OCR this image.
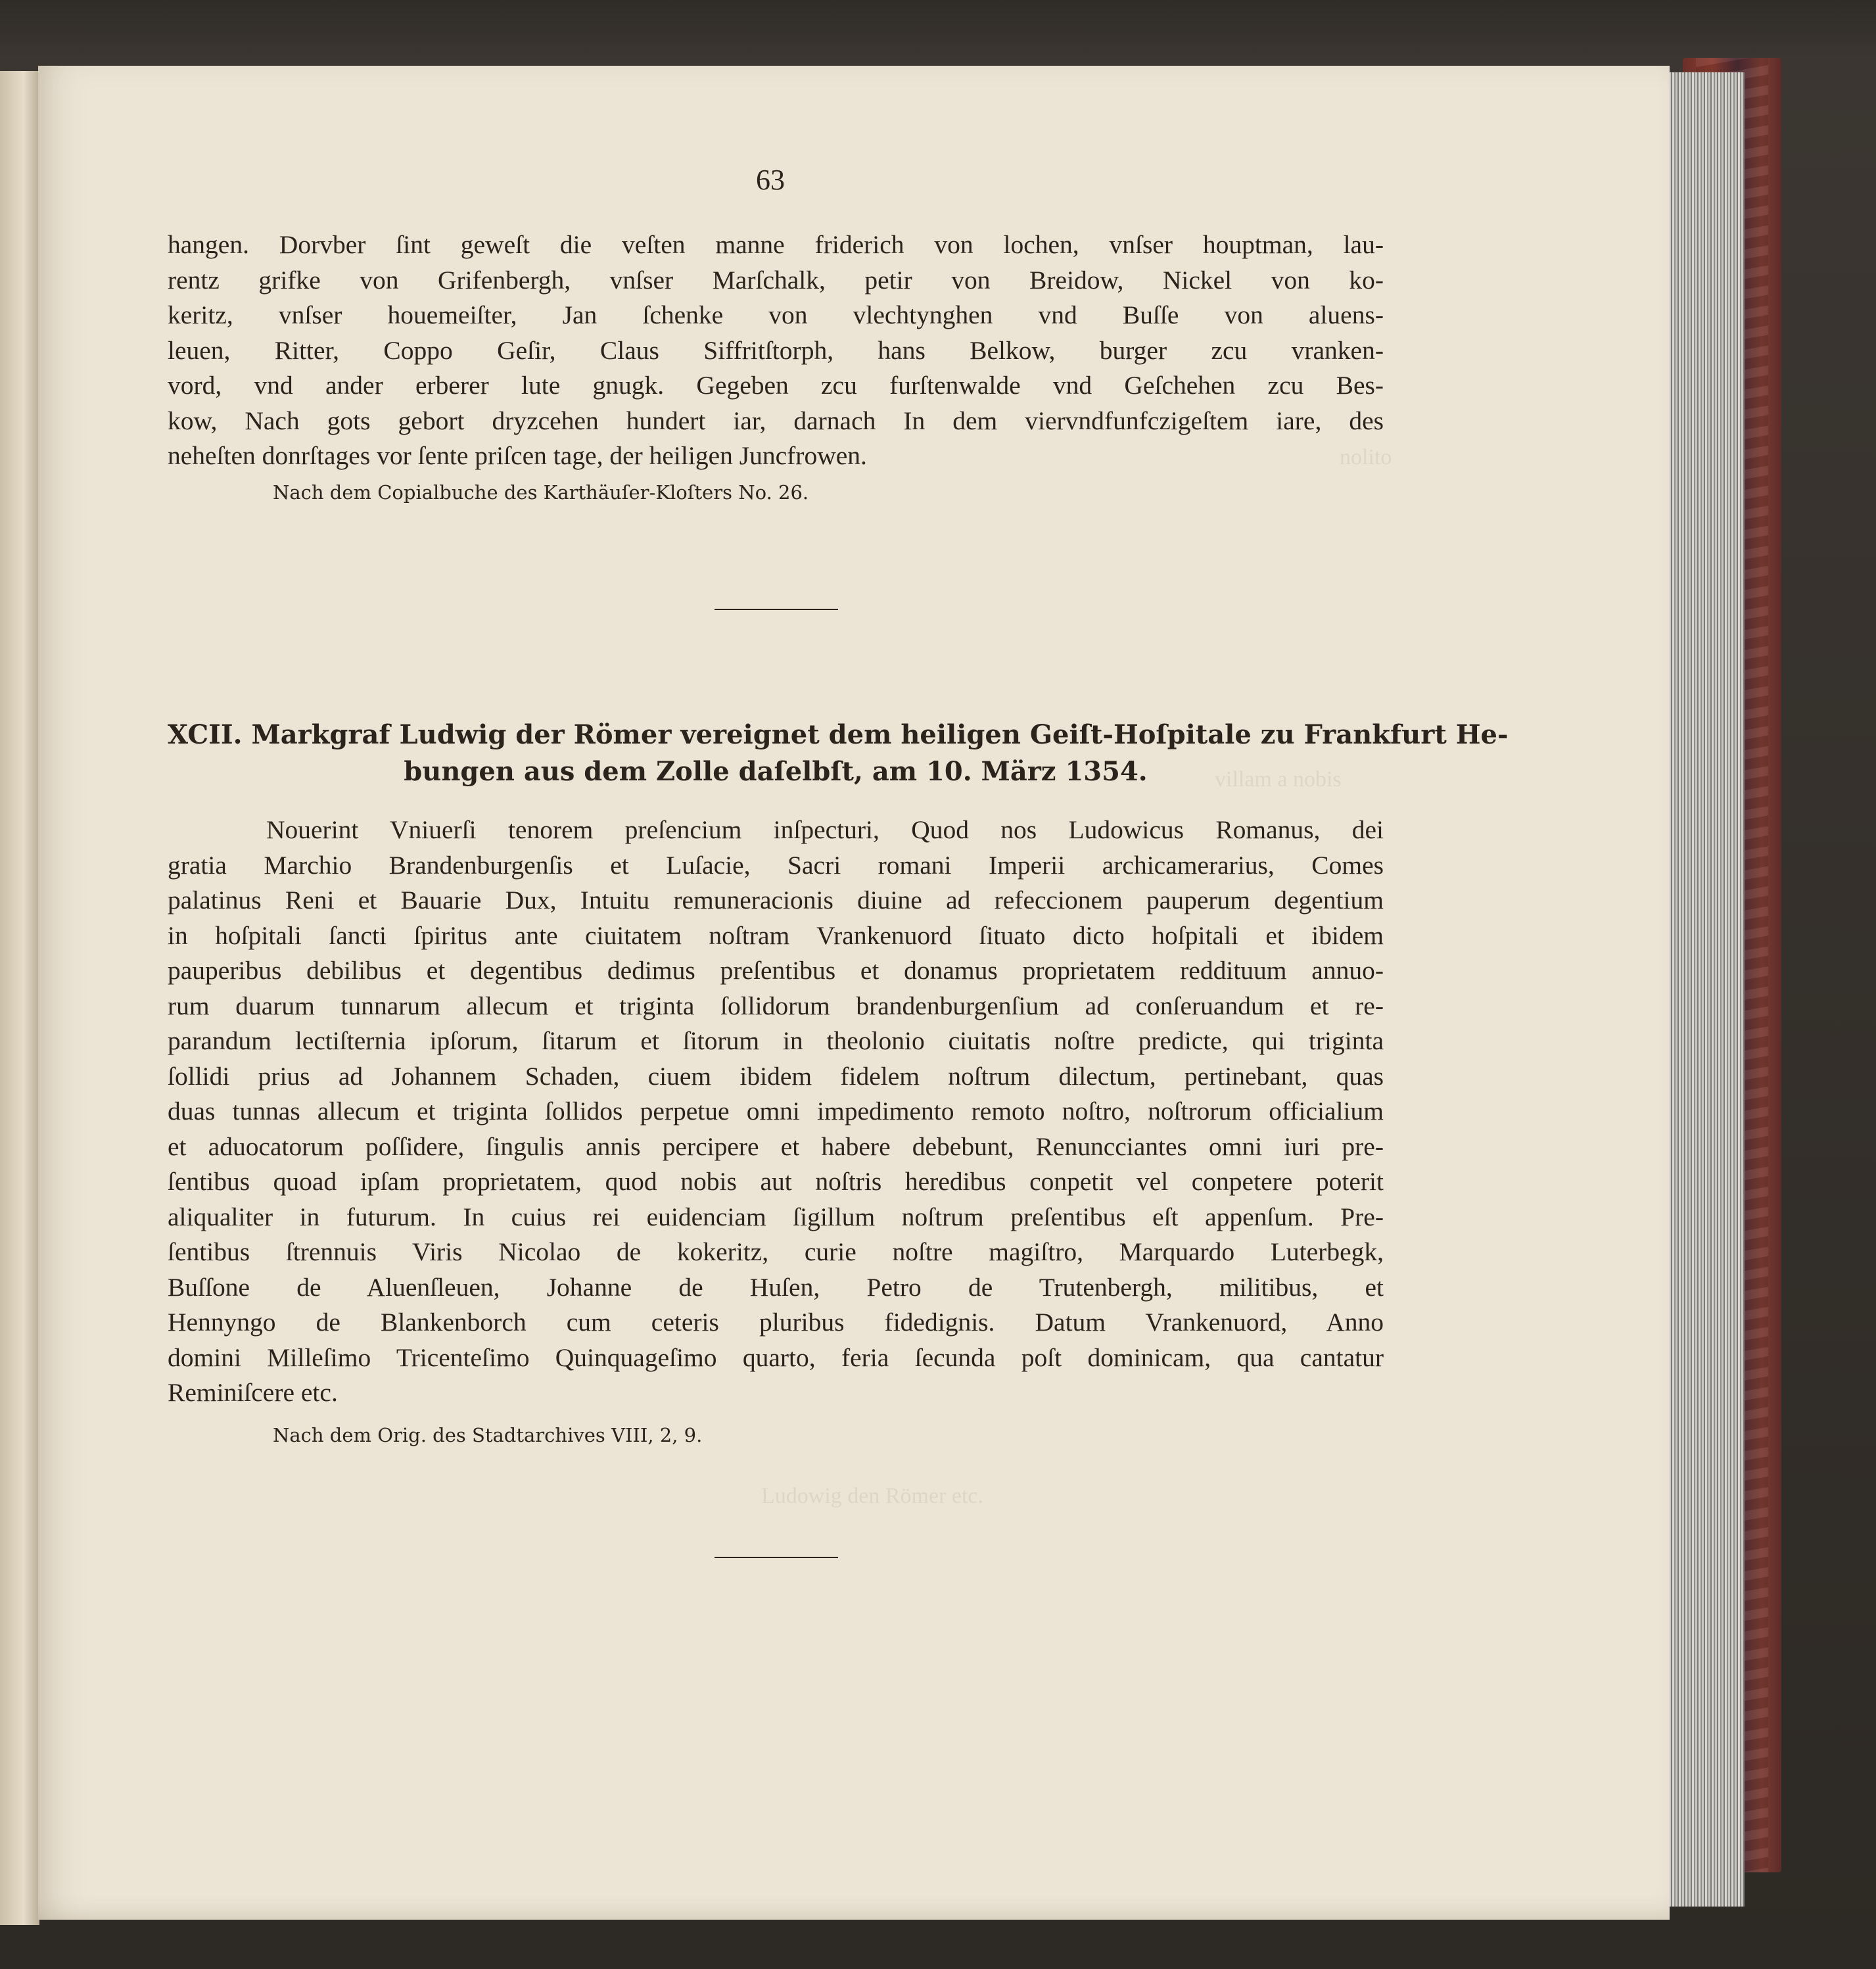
nolito
villam a nobis
Ludowig den Römer etc.
63
hangen. Dorvber ſint geweſt die veſten manne friderich von lochen, vnſser houptman, lau-
rentz grifke von Grifenbergh, vnſser Marſchalk, petir von Breidow, Nickel von ko-
keritz, vnſser houemeiſter, Jan ſchenke von vlechtynghen vnd Buſſe von aluens-
leuen, Ritter, Coppo Geſir, Claus Siffritſtorph, hans Belkow, burger zcu vranken-
vord, vnd ander erberer lute gnugk. Gegeben zcu furſtenwalde vnd Geſchehen zcu Bes-
kow, Nach gots gebort dryzcehen hundert iar, darnach In dem viervndfunfczigeſtem iare, des
neheſten donrſtages vor ſente priſcen tage, der heiligen Juncfrowen.
Nach dem Copialbuche des Karthäuſer-Kloſters No. 26.
XCII. Markgraf Ludwig der Römer vereignet dem heiligen Geiſt-Hoſpitale zu Frankfurt He-
bungen aus dem Zolle daſelbſt, am 10. März 1354.
Nouerint Vniuerſi tenorem preſencium inſpecturi, Quod nos Ludowicus Romanus, dei
gratia Marchio Brandenburgenſis et Luſacie, Sacri romani Imperii archicamerarius, Comes
palatinus Reni et Bauarie Dux, Intuitu remuneracionis diuine ad refeccionem pauperum degentium
in hoſpitali ſancti ſpiritus ante ciuitatem noſtram Vrankenuord ſituato dicto hoſpitali et ibidem
pauperibus debilibus et degentibus dedimus preſentibus et donamus proprietatem reddituum annuo-
rum duarum tunnarum allecum et triginta ſollidorum brandenburgenſium ad conſeruandum et re-
parandum lectiſternia ipſorum, ſitarum et ſitorum in theolonio ciuitatis noſtre predicte, qui triginta
ſollidi prius ad Johannem Schaden, ciuem ibidem fidelem noſtrum dilectum, pertinebant, quas
duas tunnas allecum et triginta ſollidos perpetue omni impedimento remoto noſtro, noſtrorum officialium
et aduocatorum poſſidere, ſingulis annis percipere et habere debebunt, Renuncciantes omni iuri pre-
ſentibus quoad ipſam proprietatem, quod nobis aut noſtris heredibus conpetit vel conpetere poterit
aliqualiter in futurum. In cuius rei euidenciam ſigillum noſtrum preſentibus eſt appenſum. Pre-
ſentibus ſtrennuis Viris Nicolao de kokeritz, curie noſtre magiſtro, Marquardo Luterbegk,
Buſſone de Aluenſleuen, Johanne de Huſen, Petro de Trutenbergh, militibus, et
Hennyngo de Blankenborch cum ceteris pluribus fidedignis. Datum Vrankenuord, Anno
domini Milleſimo Tricenteſimo Quinquageſimo quarto, feria ſecunda poſt dominicam, qua cantatur
Reminiſcere etc.
Nach dem Orig. des Stadtarchives VIII, 2, 9.
